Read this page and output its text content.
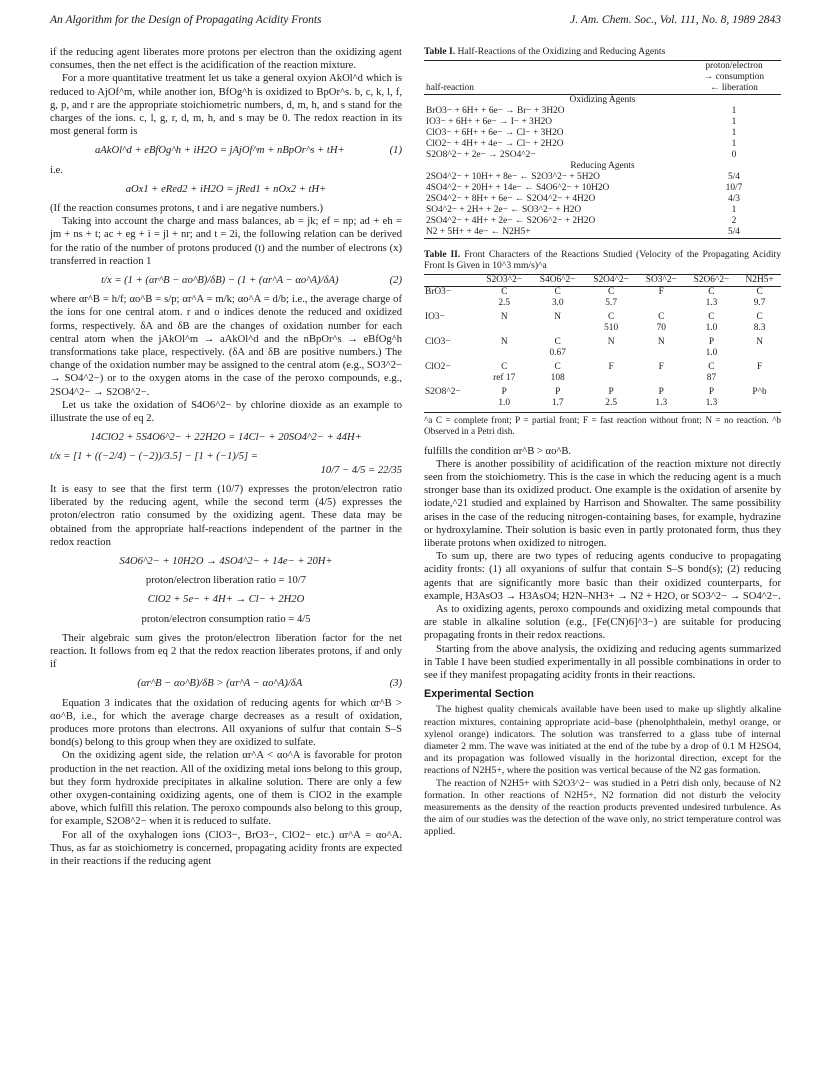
An Algorithm for the Design of Propagating Acidity Fronts	J. Am. Chem. Soc., Vol. 111, No. 8, 1989 2843

if the reducing agent liberates more protons per electron than the oxidizing agent consumes, then the net effect is the acidification of the reaction mixture.

For a more quantitative treatment let us take a general oxyion AkOl^d which is reduced to AjOf^m, while another ion, BfOg^h is oxidized to BpOr^s. b, c, k, l, f, g, p, and r are the appropriate stoichiometric numbers, d, m, h, and s stand for the charges of the ions. c, l, g, r, d, m, h, and s may be 0. The redox reaction in its most general form is

aAkOl^d + eBfOg^h + iH2O = jAjOf^m + nBpOr^s + tH+	(1)

i.e.

aOx1 + eRed2 + iH2O = jRed1 + nOx2 + tH+

(If the reaction consumes protons, t and i are negative numbers.)

Taking into account the charge and mass balances, ab = jk; ef = np; ad + eh = jm + ns + t; ac + eg + i = jl + nr; and t = 2i, the following relation can be derived for the ratio of the number of protons produced (t) and the number of electrons (x) transferred in reaction 1

t/x = (1 + (αr^B − αo^B)/δB) − (1 + (αr^A − αo^A)/δA)	(2)

where αr^B = h/f; αo^B = s/p; αr^A = m/k; αo^A = d/b; i.e., the average charge of the ions for one central atom. r and o indices denote the reduced and oxidized forms, respectively. δA and δB are the changes of oxidation number for each central atom when the jAkOl^m → aAkOl^d and the nBpOr^s → eBfOg^h transformations take place, respectively. (δA and δB are positive numbers.) The change of the oxidation number may be assigned to the central atom (e.g., SO3^2− → SO4^2−) or to the oxygen atoms in the case of the peroxo compounds, e.g., 2SO4^2− → S2O8^2−.

Let us take the oxidation of S4O6^2− by chlorine dioxide as an example to illustrate the use of eq 2.

14ClO2 + 5S4O6^2− + 22H2O = 14Cl− + 20SO4^2− + 44H+
t/x = [1 + ((−2/4) − (−2))/3.5] − [1 + (−1)/5] =
10/7 − 4/5 = 22/35

It is easy to see that the first term (10/7) expresses the proton/electron ratio liberated by the reducing agent, while the second term (4/5) expresses the proton/electron ratio consumed by the oxidizing agent. These data may be obtained from the appropriate half-reactions independent of the partner in the redox reaction

S4O6^2− + 10H2O → 4SO4^2− + 14e− + 20H+
proton/electron liberation ratio = 10/7
ClO2 + 5e− + 4H+ → Cl− + 2H2O
proton/electron consumption ratio = 4/5

Their algebraic sum gives the proton/electron liberation factor for the net reaction. It follows from eq 2 that the redox reaction liberates protons, if and only if

(αr^B − αo^B)/δB > (αr^A − αo^A)/δA	(3)

Equation 3 indicates that the oxidation of reducing agents for which αr^B > αo^B, i.e., for which the average charge decreases as a result of oxidation, produces more protons than electrons. All oxyanions of sulfur that contain S–S bond(s) belong to this group when they are oxidized to sulfate.

On the oxidizing agent side, the relation αr^A < αo^A is favorable for proton production in the net reaction. All of the oxidizing metal ions belong to this group, but they form hydroxide precipitates in alkaline solution. There are only a few other oxygen-containing oxidizing agents, one of them is ClO2 in the example above, which fulfill this relation. The peroxo compounds also belong to this group, for example, S2O8^2− when it is reduced to sulfate.

For all of the oxyhalogen ions (ClO3−, BrO3−, ClO2− etc.) αr^A = αo^A. Thus, as far as stoichiometry is concerned, propagating acidity fronts are expected in their reactions if the reducing agent

Table I. Half-Reactions of the Oxidizing and Reducing Agents
half-reaction	proton/electron
	→ consumption
	← liberation
Oxidizing Agents	
BrO3− + 6H+ + 6e− → Br− + 3H2O	1
IO3− + 6H+ + 6e− → I− + 3H2O	1
ClO3− + 6H+ + 6e− → Cl− + 3H2O	1
ClO2− + 4H+ + 4e− → Cl− + 2H2O	1
S2O8^2− + 2e− → 2SO4^2−	0
Reducing Agents	
2SO4^2− + 10H+ + 8e− ← S2O3^2− + 5H2O	5/4
4SO4^2− + 20H+ + 14e− ← S4O6^2− + 10H2O	10/7
2SO4^2− + 8H+ + 6e− ← S2O4^2− + 4H2O	4/3
SO4^2− + 2H+ + 2e− ← SO3^2− + H2O	1
2SO4^2− + 4H+ + 2e− ← S2O6^2− + 2H2O	2
N2 + 5H+ + 4e− ← N2H5+	5/4
Table II. Front Characters of the Reactions Studied (Velocity of the Propagating Acidity Front Is Given in 10^3 mm/s)^a
	S2O3^2−	S4O6^2−	S2O4^2−	SO3^2−	S2O6^2−	N2H5+
BrO3−	C	C	C	F	C	C
	2.5	3.0	5.7		1.3	9.7

IO3−	N	N	C	C	C	C
			510	70	1.0	8.3

ClO3−	N	C	N	N	P	N
		0.67			1.0	

ClO2−	C	C	F	F	C	F
	ref 17	108			87	

S2O8^2−	P	P	P	P	P	P^b
	1.0	1.7	2.5	1.3	1.3	

^a C = complete front; P = partial front; F = fast reaction without front; N = no reaction. ^b Observed in a Petri dish.

fulfills the condition αr^B > αo^B.

There is another possibility of acidification of the reaction mixture not directly seen from the stoichiometry. This is the case in which the reducing agent is a much stronger base than its oxidized product. One example is the oxidation of arsenite by iodate,^21 studied and explained by Harrison and Showalter. The same possibility arises in the case of the reducing nitrogen-containing bases, for example, hydrazine or hydroxylamine. Their solution is basic even in partly protonated form, thus they liberate protons when oxidized to nitrogen.

To sum up, there are two types of reducing agents conducive to propagating acidity fronts: (1) all oxyanions of sulfur that contain S–S bond(s); (2) reducing agents that are significantly more basic than their oxidized counterparts, for example, H3AsO3 → H3AsO4; H2N–NH3+ → N2 + H2O, or SO3^2− → SO4^2−.

As to oxidizing agents, peroxo compounds and oxidizing metal compounds that are stable in alkaline solution (e.g., [Fe(CN)6]^3−) are suitable for producing propagating fronts in their redox reactions.

Starting from the above analysis, the oxidizing and reducing agents summarized in Table I have been studied experimentally in all possible combinations in order to see if they manifest propagating acidity fronts in their reactions.

Experimental Section

The highest quality chemicals available have been used to make up slightly alkaline reaction mixtures, containing appropriate acid–base (phenolphthalein, methyl orange, or xylenol orange) indicators. The solution was transferred to a glass tube of internal diameter 2 mm. The wave was initiated at the end of the tube by a drop of 0.1 M H2SO4, and its propagation was followed visually in the horizontal direction, except for the reactions of N2H5+, where the position was vertical because of the N2 gas formation.

The reaction of N2H5+ with S2O3^2− was studied in a Petri dish only, because of N2 formation. In other reactions of N2H5+, N2 formation did not disturb the velocity measurements as the density of the reaction products prevented undesired turbulence. As the aim of our studies was the detection of the wave only, no strict temperature control was applied.
